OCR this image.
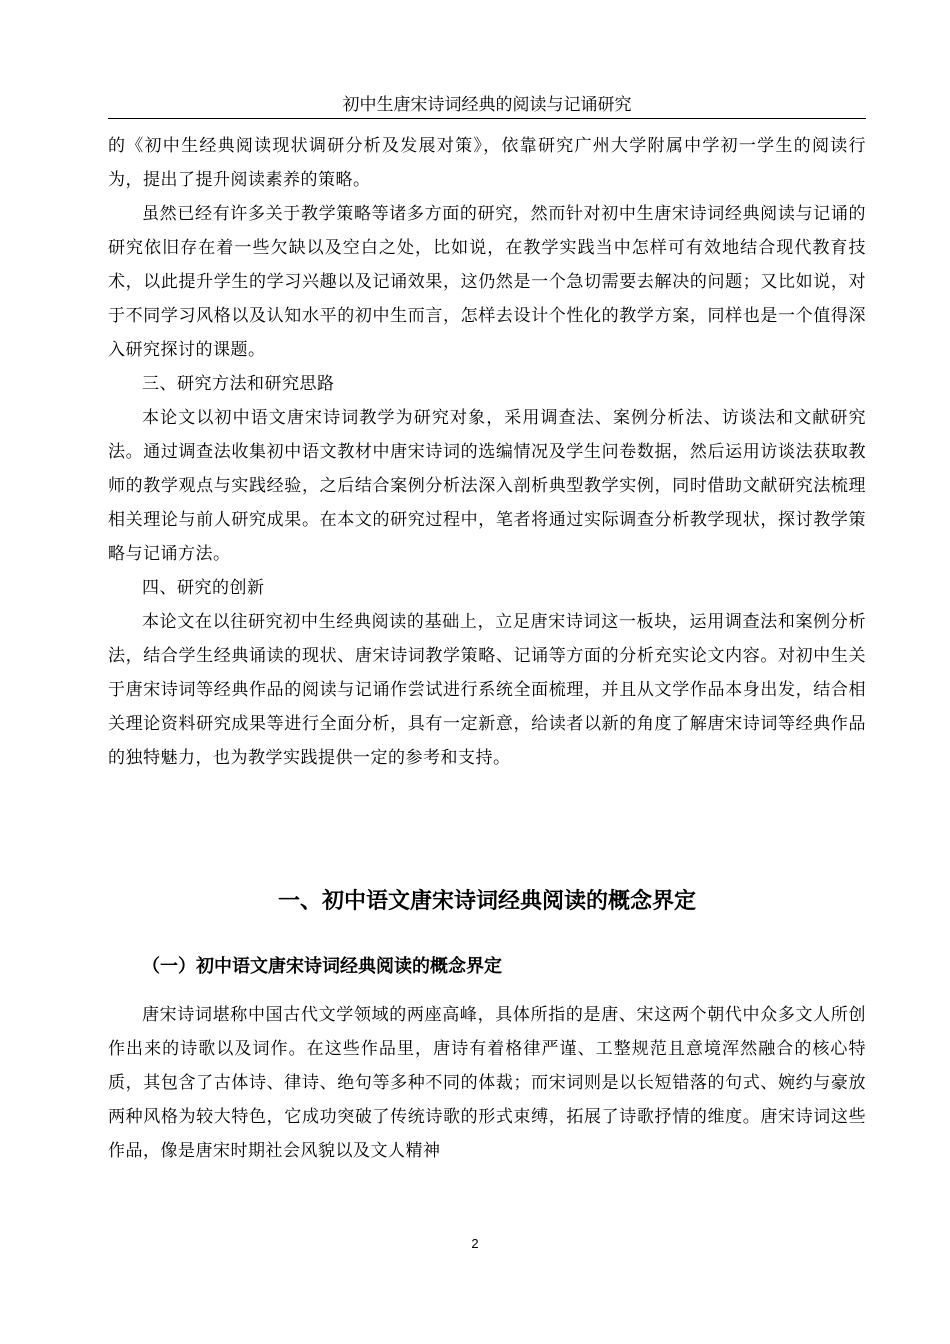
初中生唐宋诗词经典的阅读与记诵研究

的《初中生经典阅读现状调研分析及发展对策》，依靠研究广州大学附属中学初一学生的阅读行为，提出了提升阅读素养的策略。

虽然已经有许多关于教学策略等诸多方面的研究，然而针对初中生唐宋诗词经典阅读与记诵的研究依旧存在着一些欠缺以及空白之处，比如说，在教学实践当中怎样可有效地结合现代教育技术，以此提升学生的学习兴趣以及记诵效果，这仍然是一个急切需要去解决的问题；又比如说，对于不同学习风格以及认知水平的初中生而言，怎样去设计个性化的教学方案，同样也是一个值得深入研究探讨的课题。

三、研究方法和研究思路

本论文以初中语文唐宋诗词教学为研究对象，采用调查法、案例分析法、访谈法和文献研究法。通过调查法收集初中语文教材中唐宋诗词的选编情况及学生问卷数据，然后运用访谈法获取教师的教学观点与实践经验，之后结合案例分析法深入剖析典型教学实例，同时借助文献研究法梳理相关理论与前人研究成果。在本文的研究过程中，笔者将通过实际调查分析教学现状，探讨教学策略与记诵方法。

四、研究的创新

本论文在以往研究初中生经典阅读的基础上，立足唐宋诗词这一板块，运用调查法和案例分析法，结合学生经典诵读的现状、唐宋诗词教学策略、记诵等方面的分析充实论文内容。对初中生关于唐宋诗词等经典作品的阅读与记诵作尝试进行系统全面梳理，并且从文学作品本身出发，结合相关理论资料研究成果等进行全面分析，具有一定新意，给读者以新的角度了解唐宋诗词等经典作品的独特魅力，也为教学实践提供一定的参考和支持。

一、初中语文唐宋诗词经典阅读的概念界定
（一）初中语文唐宋诗词经典阅读的概念界定

唐宋诗词堪称中国古代文学领域的两座高峰，具体所指的是唐、宋这两个朝代中众多文人所创作出来的诗歌以及词作。在这些作品里，唐诗有着格律严谨、工整规范且意境浑然融合的核心特质，其包含了古体诗、律诗、绝句等多种不同的体裁；而宋词则是以长短错落的句式、婉约与豪放两种风格为较大特色，它成功突破了传统诗歌的形式束缚，拓展了诗歌抒情的维度。唐宋诗词这些作品，像是唐宋时期社会风貌以及文人精神

2
